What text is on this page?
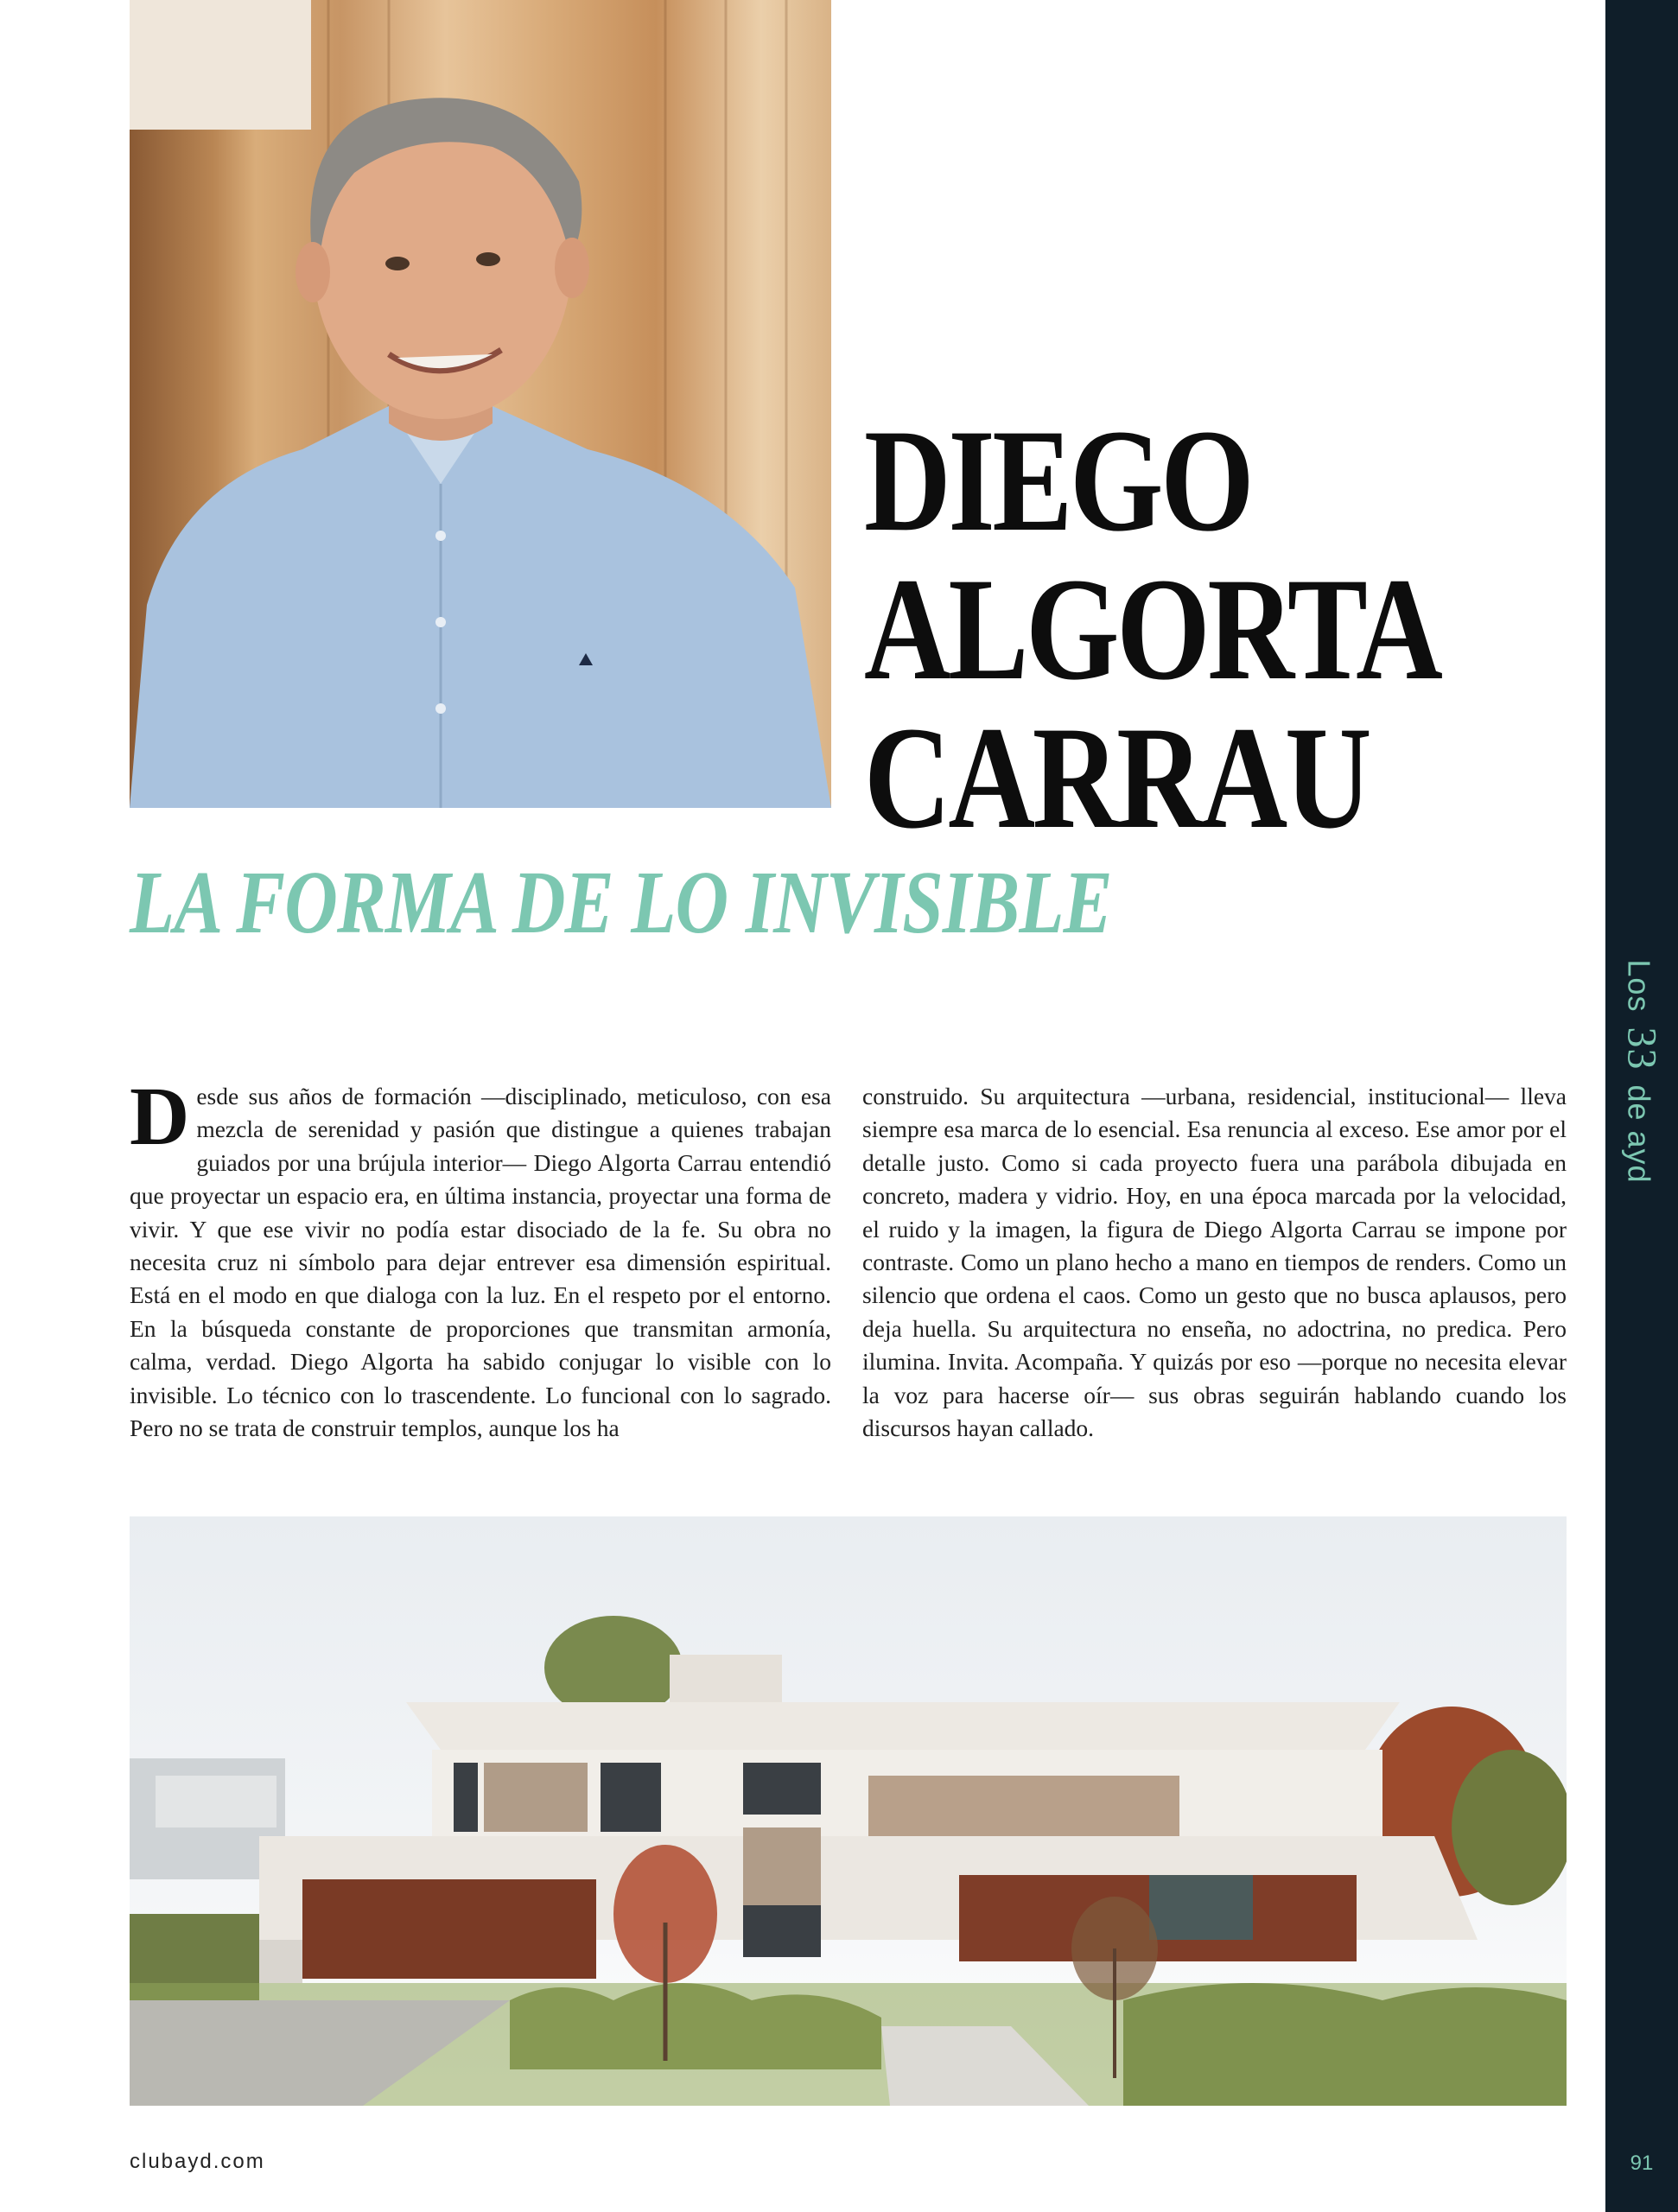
DIEGO
ALGORTA
CARRAU
LA FORMA DE LO INVISIBLE
Desde sus años de formación —disciplinado, meticuloso, con esa mezcla de serenidad y pasión que distingue a quienes trabajan guiados por una brújula interior— Diego Algorta Carrau entendió que proyectar un espacio era, en última instancia, proyectar una forma de vivir. Y que ese vivir no podía estar disociado de la fe. Su obra no necesita cruz ni símbolo para dejar entrever esa dimensión espiritual. Está en el modo en que dialoga con la luz. En el respeto por el entorno. En la búsqueda constante de proporciones que transmitan armonía, calma, verdad. Diego Algorta ha sabido conjugar lo visible con lo invisible. Lo técnico con lo trascendente. Lo funcional con lo sagrado. Pero no se trata de construir templos, aunque los ha
construido. Su arquitectura —urbana, residencial, institucional— lleva siempre esa marca de lo esencial. Esa renuncia al exceso. Ese amor por el detalle justo. Como si cada proyecto fuera una parábola dibujada en concreto, madera y vidrio. Hoy, en una época marcada por la velocidad, el ruido y la imagen, la figura de Diego Algorta Carrau se impone por contraste. Como un plano hecho a mano en tiempos de renders. Como un silencio que ordena el caos. Como un gesto que no busca aplausos, pero deja huella. Su arquitectura no enseña, no adoctrina, no predica. Pero ilumina. Invita. Acompaña. Y quizás por eso —porque no necesita elevar la voz para hacerse oír— sus obras seguirán hablando cuando los discursos hayan callado.
Los 33 de ayd
91
clubayd.com
